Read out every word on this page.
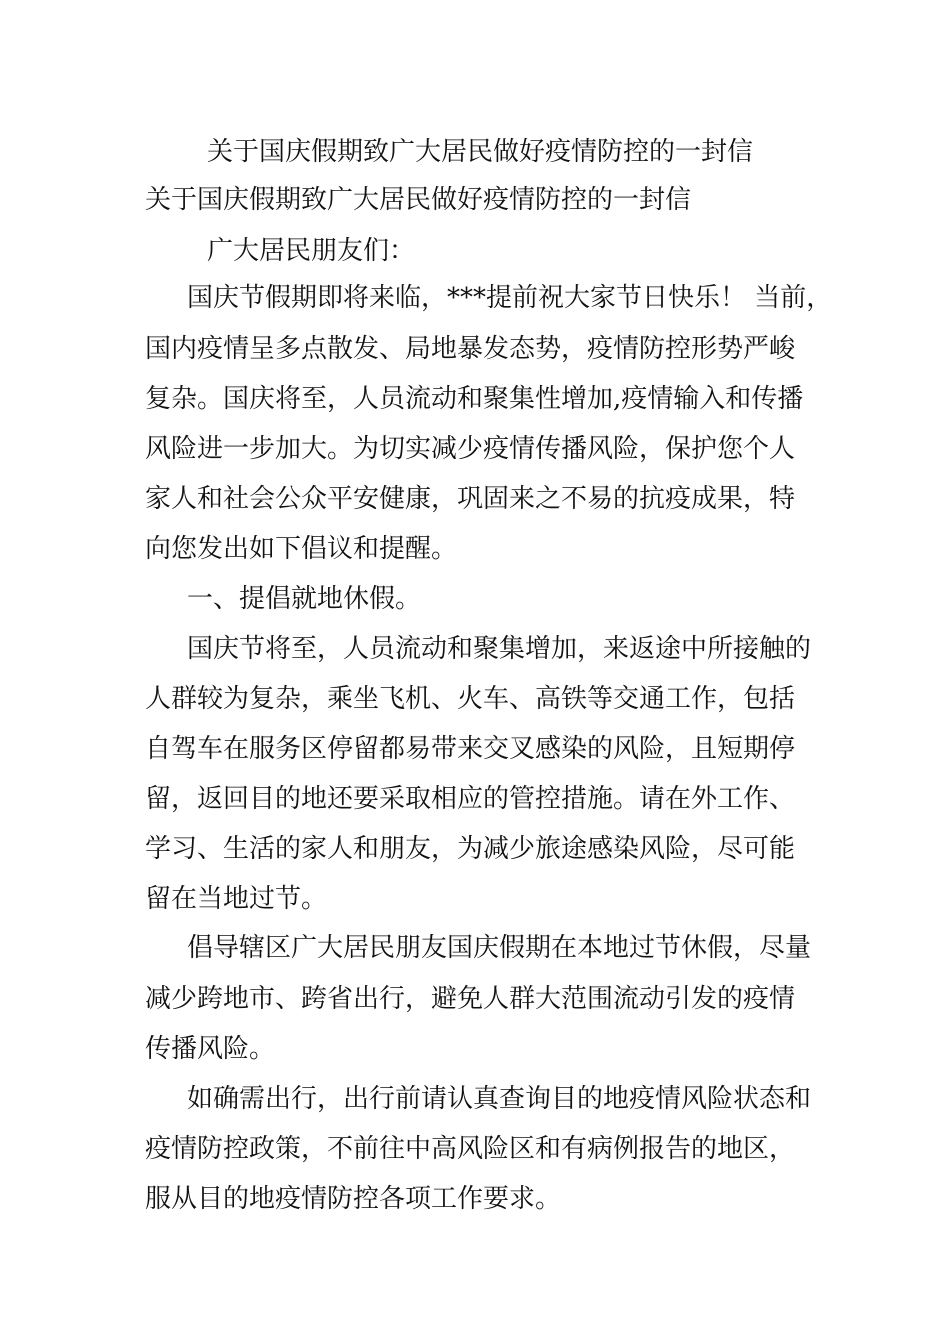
关于国庆假期致广大居民做好疫情防控的一封信
关于国庆假期致广大居民做好疫情防控的一封信
广大居民朋友们：
国庆节假期即将来临，***提前祝大家节日快乐！ 当前，
国内疫情呈多点散发、局地暴发态势，疫情防控形势严峻
复杂。国庆将至，人员流动和聚集性增加,疫情输入和传播
风险进一步加大。为切实减少疫情传播风险，保护您个人
家人和社会公众平安健康，巩固来之不易的抗疫成果，特
向您发出如下倡议和提醒。
一、提倡就地休假。
国庆节将至，人员流动和聚集增加，来返途中所接触的
人群较为复杂，乘坐飞机、火车、高铁等交通工作，包括
自驾车在服务区停留都易带来交叉感染的风险，且短期停
留，返回目的地还要采取相应的管控措施。请在外工作、
学习、生活的家人和朋友，为减少旅途感染风险，尽可能
留在当地过节。
倡导辖区广大居民朋友国庆假期在本地过节休假，尽量
减少跨地市、跨省出行，避免人群大范围流动引发的疫情
传播风险。
如确需出行，出行前请认真查询目的地疫情风险状态和
疫情防控政策，不前往中高风险区和有病例报告的地区，
服从目的地疫情防控各项工作要求。
